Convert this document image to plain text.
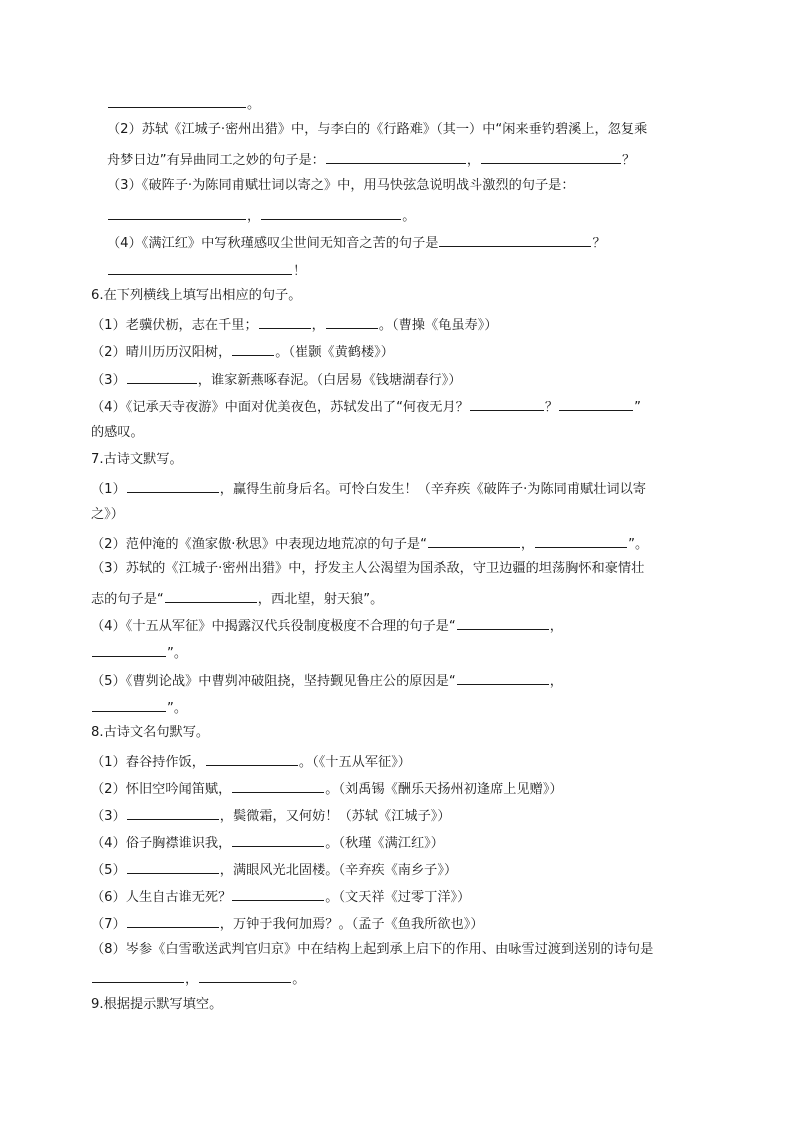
。
（2）苏轼《江城子·密州出猎》中，与李白的《行路难》（其一）中“闲来垂钓碧溪上，忽复乘
舟梦日边”有异曲同工之妙的句子是：	，	？
（3）《破阵子·为陈同甫赋壮词以寄之》中，用马快弦急说明战斗激烈的句子是：
，	。
（4）《满江红》中写秋瑾感叹尘世间无知音之苦的句子是	？
！
6.在下列横线上填写出相应的句子。
（1）老骥伏枥，志在千里；	，	。（曹操《龟虽寿》）
（2）晴川历历汉阳树，	。（崔颢《黄鹤楼》）
（3）	，谁家新燕啄春泥。（白居易《钱塘湖春行》）
（4）《记承天寺夜游》中面对优美夜色，苏轼发出了“何夜无月？	？	”
的感叹。
7.古诗文默写。
（1）	，赢得生前身后名。可怜白发生！（辛弃疾《破阵子·为陈同甫赋壮词以寄
之》）
（2）范仲淹的《渔家傲·秋思》中表现边地荒凉的句子是“	，	”。
（3）苏轼的《江城子·密州出猎》中，抒发主人公渴望为国杀敌，守卫边疆的坦荡胸怀和豪情壮
志的句子是“	，西北望，射天狼”。
（4）《十五从军征》中揭露汉代兵役制度极度不合理的句子是“	，
”。
（5）《曹刿论战》中曹刿冲破阻挠，坚持觐见鲁庄公的原因是“	，
”。
8.古诗文名句默写。
（1）舂谷持作饭，	。（《十五从军征》）
（2）怀旧空吟闻笛赋，	。（刘禹锡《酬乐天扬州初逢席上见赠》）
（3）	，鬓微霜，又何妨！（苏轼《江城子》）
（4）俗子胸襟谁识我，	。（秋瑾《满江红》）
（5）	，满眼风光北固楼。（辛弃疾《南乡子》）
（6）人生自古谁无死？	。（文天祥《过零丁洋》）
（7）	，万钟于我何加焉？。（孟子《鱼我所欲也》）
（8）岑参《白雪歌送武判官归京》中在结构上起到承上启下的作用、由咏雪过渡到送别的诗句是
，	。
9.根据提示默写填空。
